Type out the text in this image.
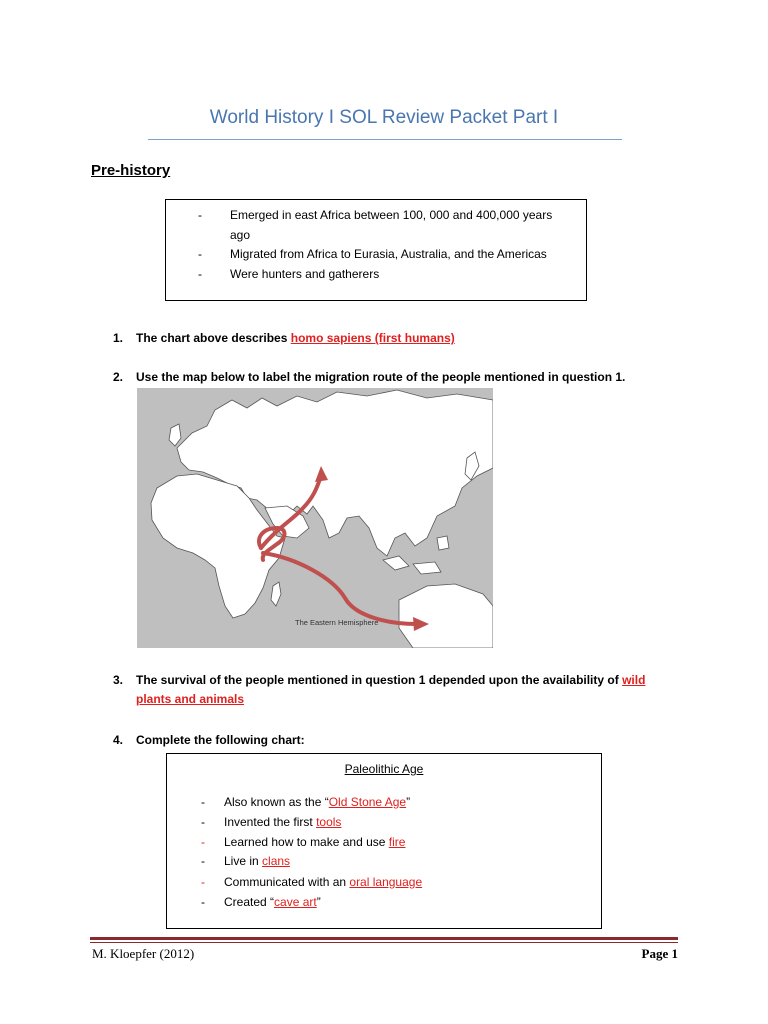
World History I SOL Review Packet Part I
Pre-history
- Emerged in east Africa between 100, 000 and 400,000 years
ago
- Migrated from Africa to Eurasia, Australia, and the Americas
- Were hunters and gatherers
1. The chart above describes homo sapiens (first humans)
2. Use the map below to label the migration route of the people mentioned in question 1.
The Eastern Hemisphere
3. The survival of the people mentioned in question 1 depended upon the availability of wild
plants and animals
4. Complete the following chart:
Paleolithic Age
- Also known as the “Old Stone Age”
- Invented the first tools
- Learned how to make and use fire
- Live in clans
- Communicated with an oral language
- Created “cave art”
M. Kloepfer (2012)	Page 1
